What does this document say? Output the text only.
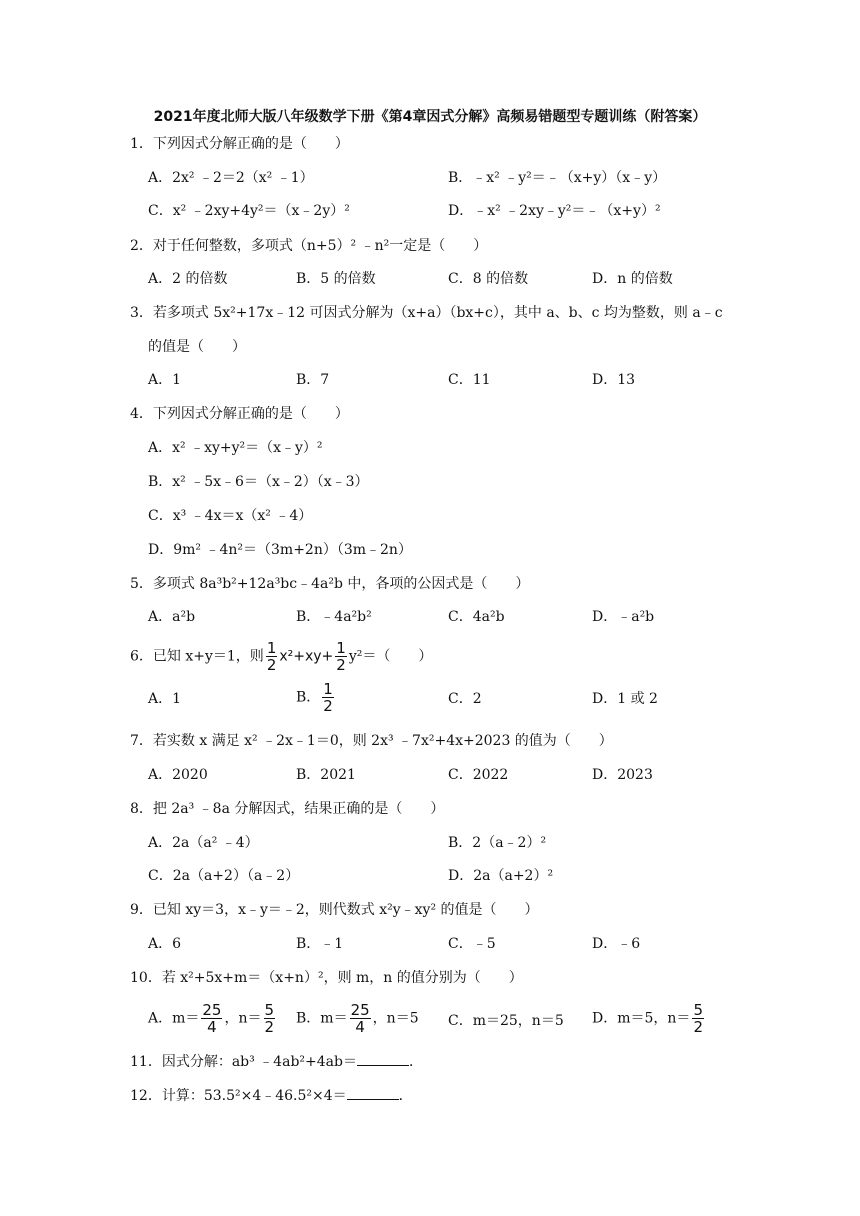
2021年度北师大版八年级数学下册《第4章因式分解》高频易错题型专题训练（附答案）
1．下列因式分解正确的是（　　）
A．2x² ﹣2＝2（x² ﹣1）	B．﹣x² ﹣y²＝﹣（x+y）（x﹣y）
C．x² ﹣2xy+4y²＝（x﹣2y）²	D．﹣x² ﹣2xy﹣y²＝﹣（x+y）²
2．对于任何整数，多项式（n+5）² ﹣n²一定是（　　）
A．2 的倍数	B．5 的倍数	C．8 的倍数	D．n 的倍数
3．若多项式 5x²+17x﹣12 可因式分解为（x+a）（bx+c），其中 a、b、c 均为整数，则 a﹣c
的值是（　　）
A．1	B．7	C．11	D．13
4．下列因式分解正确的是（　　）
A．x² ﹣xy+y²＝（x﹣y）²
B．x² ﹣5x﹣6＝（x﹣2）（x﹣3）
C．x³ ﹣4x＝x（x² ﹣4）
D．9m² ﹣4n²＝（3m+2n）（3m﹣2n）
5．多项式 8a³b²+12a³bc﹣4a²b 中，各项的公因式是（　　）
A．a²b	B．﹣4a²b²	C．4a²b	D．﹣a²b
6．已知 x+y＝1，则 $\frac{1}{2} x^2+xy+ \frac{1}{2} y^2=$（　　）
A．1	B． $\frac{1}{2}$	C．2	D．1 或 2
7．若实数 x 满足 x² ﹣2x﹣1＝0，则 2x³ ﹣7x²+4x+2023 的值为（　　）
A．2020	B．2021	C．2022	D．2023
8．把 2a³ ﹣8a 分解因式，结果正确的是（　　）
A．2a（a² ﹣4）	B．2（a﹣2）²
C．2a（a+2）（a﹣2）	D．2a（a+2）²
9．已知 xy＝3，x﹣y＝﹣2，则代数式 x²y﹣xy² 的值是（　　）
A．6	B．﹣1	C．﹣5	D．﹣6
10．若 x²+5x+m＝（x+n）²，则 m，n 的值分别为（　　）
A．$m= \frac{25}{4}$ ，$n= \frac{5}{2}$ B．$m= \frac{25}{4}$ ，n＝5 C．m＝25，n＝5 D．m＝5，$n= \frac{5}{2}$
11．因式分解：ab³ ﹣4ab²+4ab＝	．
12．计算：53.5²×4﹣46.5²×4＝	．
